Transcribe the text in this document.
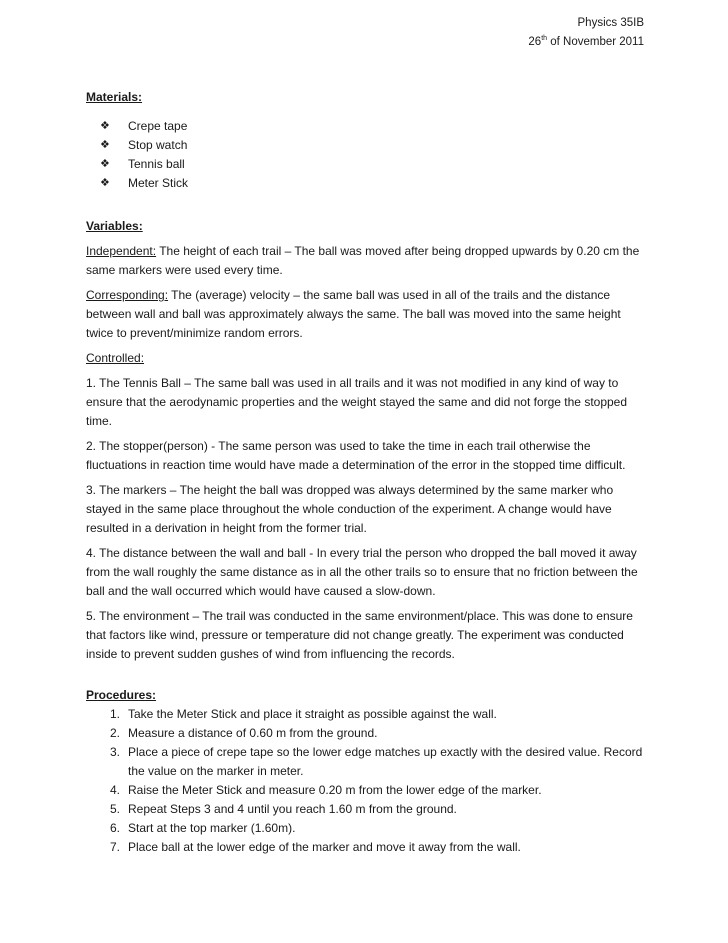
Physics 35IB
26th of November 2011
Materials:
❖	Crepe tape
❖	Stop watch
❖	Tennis ball
❖	Meter Stick

Variables:

Independent: The height of each trail – The ball was moved after being dropped upwards by 0.20 cm the same markers were used every time.

Corresponding: The (average) velocity – the same ball was used in all of the trails and the distance between wall and ball was approximately always the same. The ball was moved into the same height twice to prevent/minimize random errors.

Controlled:

1. The Tennis Ball – The same ball was used in all trails and it was not modified in any kind of way to ensure that the aerodynamic properties and the weight stayed the same and did not forge the stopped time.

2. The stopper(person) - The same person was used to take the time in each trail otherwise the fluctuations in reaction time would have made a determination of the error in the stopped time difficult.

3. The markers – The height the ball was dropped was always determined by the same marker who stayed in the same place throughout the whole conduction of the experiment. A change would have resulted in a derivation in height from the former trial.

4. The distance between the wall and ball - In every trial the person who dropped the ball moved it away from the wall roughly the same distance as in all the other trails so to ensure that no friction between the ball and the wall occurred which would have caused a slow-down.

5. The environment – The trail was conducted in the same environment/place. This was done to ensure that factors like wind, pressure or temperature did not change greatly. The experiment was conducted inside to prevent sudden gushes of wind from influencing the records.

Procedures:
1. Take the Meter Stick and place it straight as possible against the wall.
2. Measure a distance of 0.60 m from the ground.
3. Place a piece of crepe tape so the lower edge matches up exactly with the desired value. Record the value on the marker in meter.
4. Raise the Meter Stick and measure 0.20 m from the lower edge of the marker.
5. Repeat Steps 3 and 4 until you reach 1.60 m from the ground.
6. Start at the top marker (1.60m).
7. Place ball at the lower edge of the marker and move it away from the wall.
